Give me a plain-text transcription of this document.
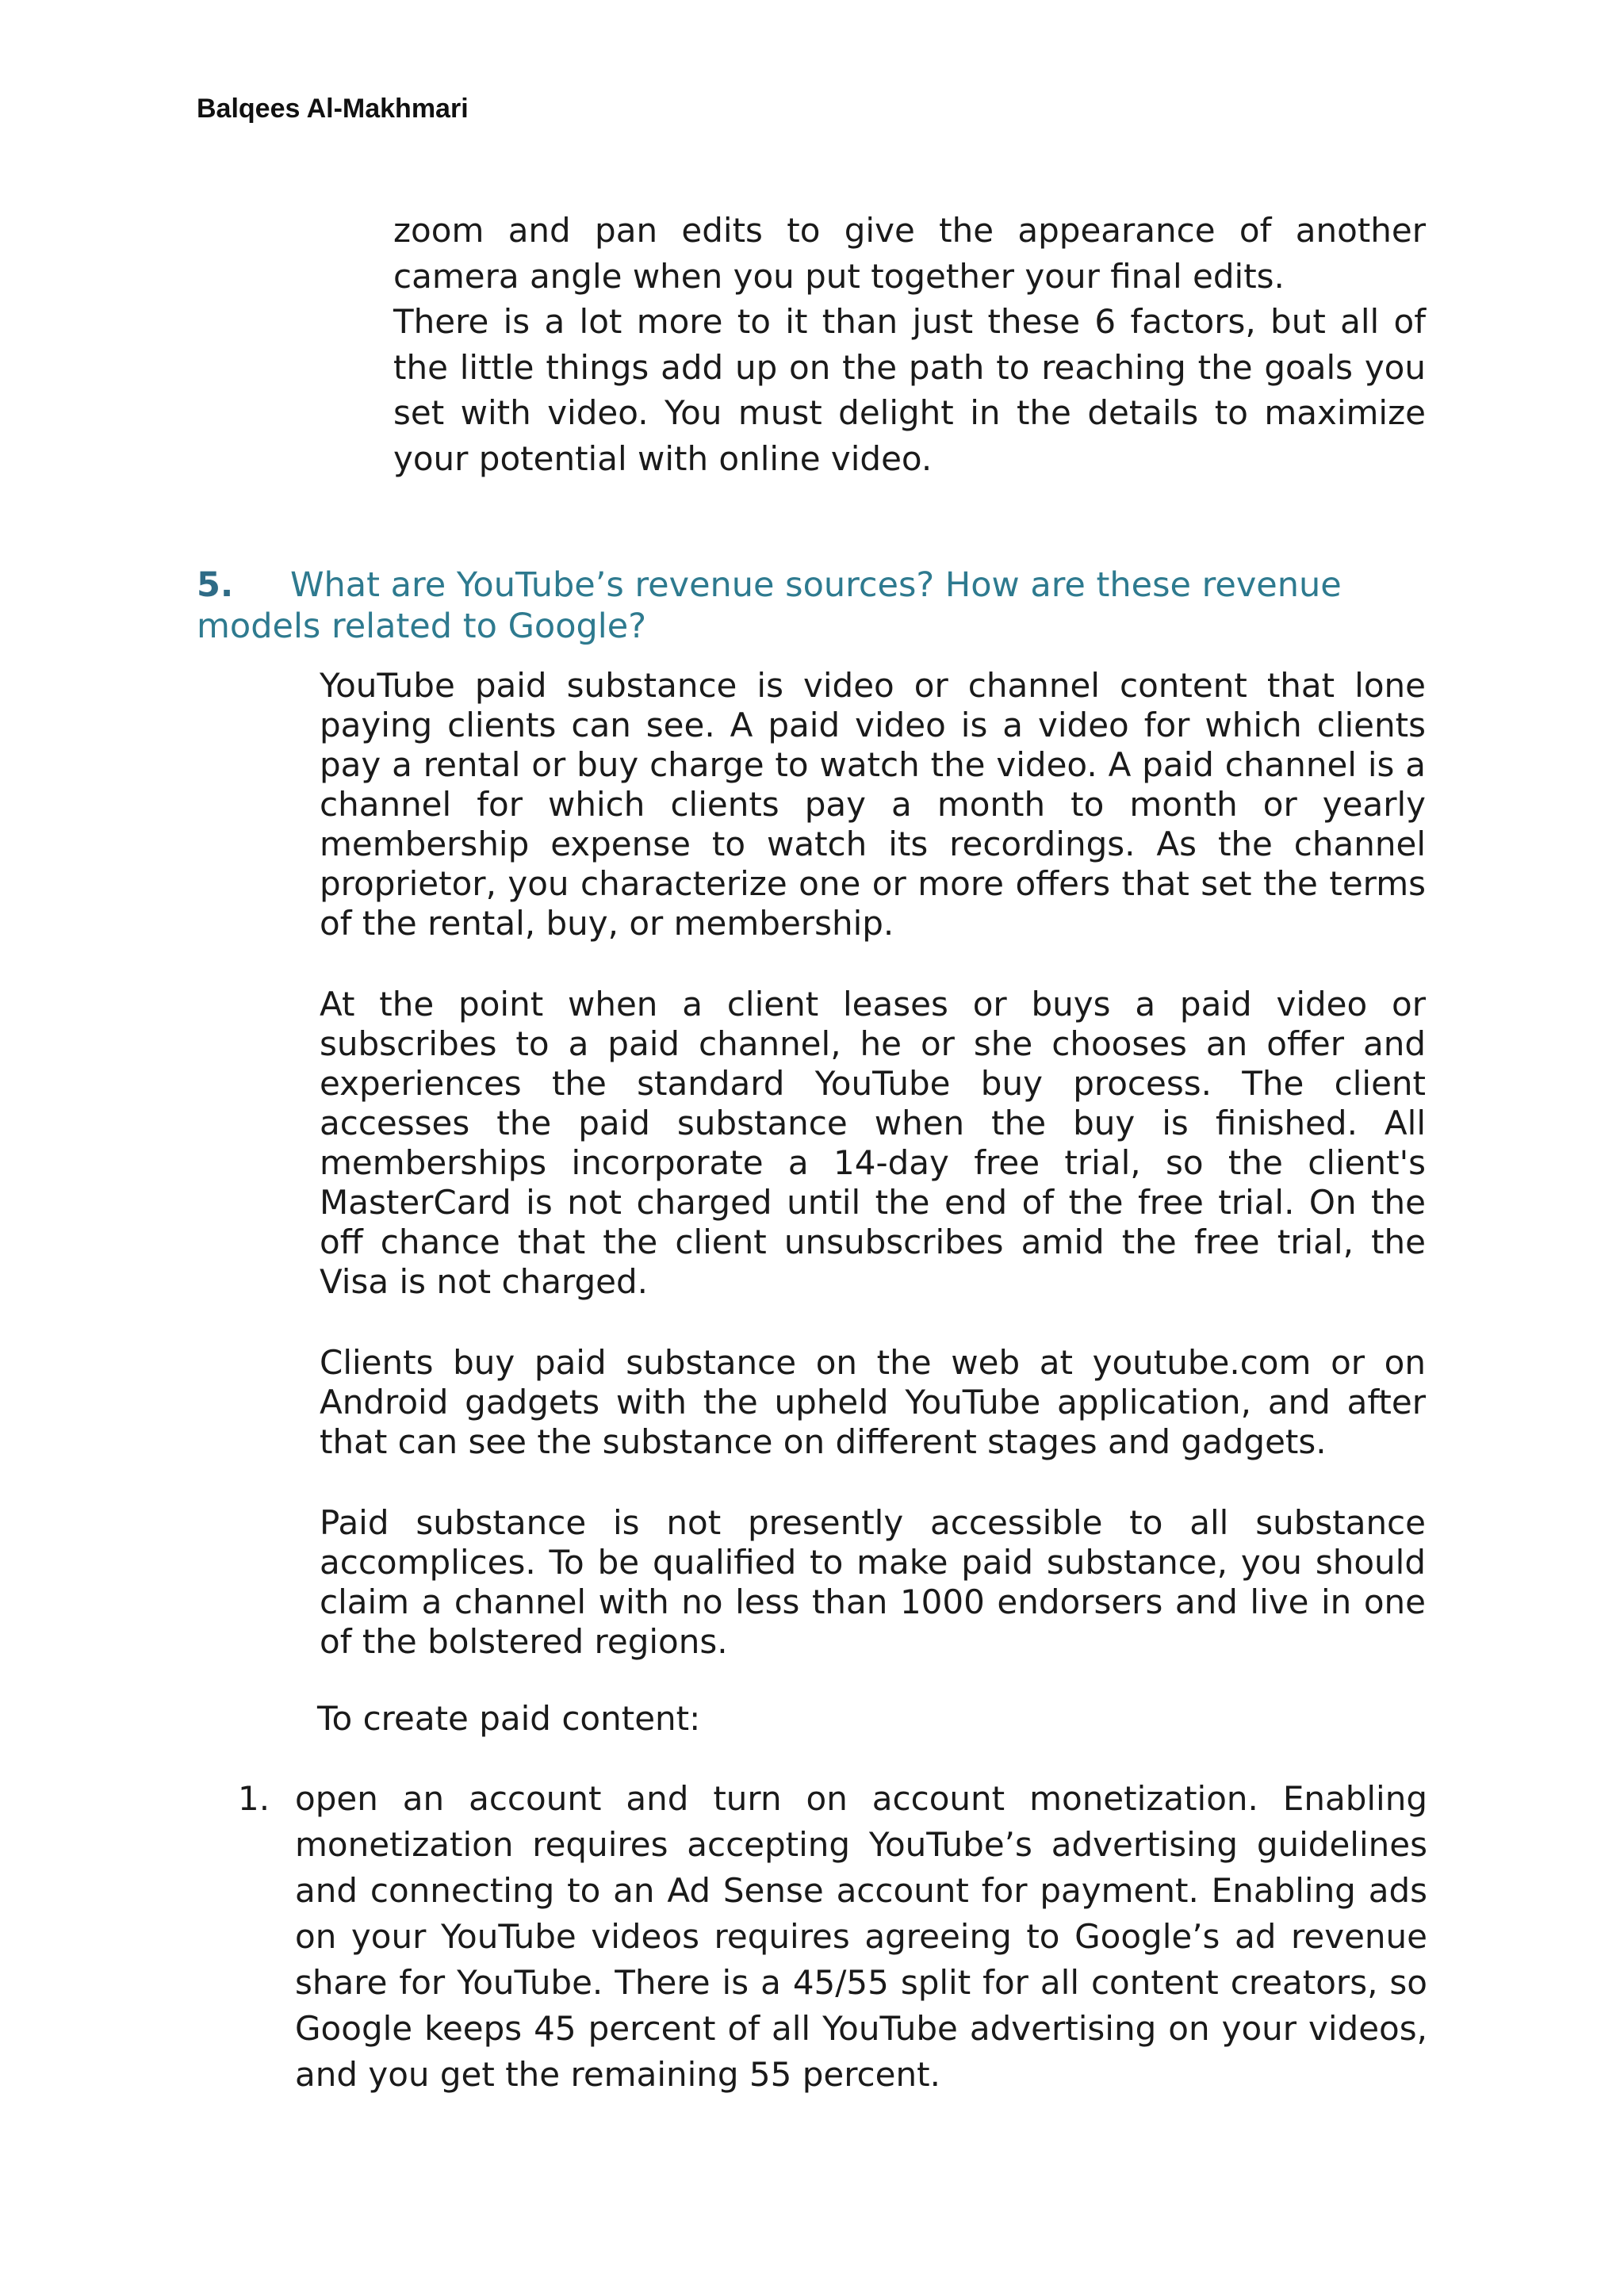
Balqees Al-Makhmari

zoom and pan edits to give the appearance of another camera angle when you put together your final edits.

There is a lot more to it than just these 6 factors, but all of the little things add up on the path to reaching the goals you set with video. You must delight in the details to maximize your potential with online video.

5. What are YouTube’s revenue sources? How are these revenue models related to Google?

YouTube paid substance is video or channel content that lone paying clients can see. A paid video is a video for which clients pay a rental or buy charge to watch the video. A paid channel is a channel for which clients pay a month to month or yearly membership expense to watch its recordings. As the channel proprietor, you characterize one or more offers that set the terms of the rental, buy, or membership.

At the point when a client leases or buys a paid video or subscribes to a paid channel, he or she chooses an offer and experiences the standard YouTube buy process. The client accesses the paid substance when the buy is finished. All memberships incorporate a 14-day free trial, so the client's MasterCard is not charged until the end of the free trial. On the off chance that the client unsubscribes amid the free trial, the Visa is not charged.

Clients buy paid substance on the web at youtube.com or on Android gadgets with the upheld YouTube application, and after that can see the substance on different stages and gadgets.

Paid substance is not presently accessible to all substance accomplices. To be qualified to make paid substance, you should claim a channel with no less than 1000 endorsers and live in one of the bolstered regions.

To create paid content:
1. open an account and turn on account monetization. Enabling monetization requires accepting YouTube’s advertising guidelines and connecting to an Ad Sense account for payment. Enabling ads on your YouTube videos requires agreeing to Google’s ad revenue share for YouTube. There is a 45/55 split for all content creators, so Google keeps 45 percent of all YouTube advertising on your videos, and you get the remaining 55 percent.
